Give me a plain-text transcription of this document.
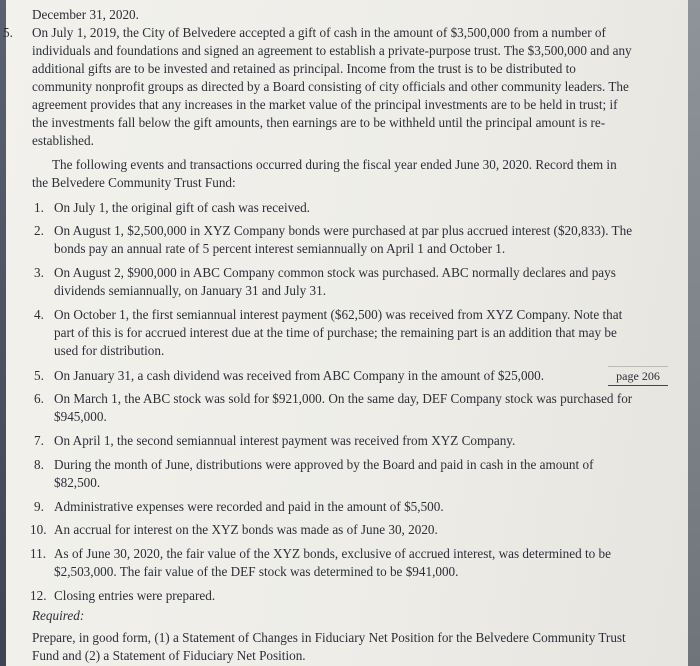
December 31, 2020.
5. On July 1, 2019, the City of Belvedere accepted a gift of cash in the amount of $3,500,000 from a number of
individuals and foundations and signed an agreement to establish a private-purpose trust. The $3,500,000 and any
additional gifts are to be invested and retained as principal. Income from the trust is to be distributed to
community nonprofit groups as directed by a Board consisting of city officials and other community leaders. The
agreement provides that any increases in the market value of the principal investments are to be held in trust; if
the investments fall below the gift amounts, then earnings are to be withheld until the principal amount is re-
established.
The following events and transactions occurred during the fiscal year ended June 30, 2020. Record them in
the Belvedere Community Trust Fund:
1. On July 1, the original gift of cash was received.
2. On August 1, $2,500,000 in XYZ Company bonds were purchased at par plus accrued interest ($20,833). The
bonds pay an annual rate of 5 percent interest semiannually on April 1 and October 1.
3. On August 2, $900,000 in ABC Company common stock was purchased. ABC normally declares and pays
dividends semiannually, on January 31 and July 31.
4. On October 1, the first semiannual interest payment ($62,500) was received from XYZ Company. Note that
part of this is for accrued interest due at the time of purchase; the remaining part is an addition that may be
used for distribution.
5. On January 31, a cash dividend was received from ABC Company in the amount of $25,000.	page 206
6. On March 1, the ABC stock was sold for $921,000. On the same day, DEF Company stock was purchased for
$945,000.
7. On April 1, the second semiannual interest payment was received from XYZ Company.
8. During the month of June, distributions were approved by the Board and paid in cash in the amount of
$82,500.
9. Administrative expenses were recorded and paid in the amount of $5,500.
10. An accrual for interest on the XYZ bonds was made as of June 30, 2020.
11. As of June 30, 2020, the fair value of the XYZ bonds, exclusive of accrued interest, was determined to be
$2,503,000. The fair value of the DEF stock was determined to be $941,000.
12. Closing entries were prepared.
Required:
Prepare, in good form, (1) a Statement of Changes in Fiduciary Net Position for the Belvedere Community Trust
Fund and (2) a Statement of Fiduciary Net Position.
